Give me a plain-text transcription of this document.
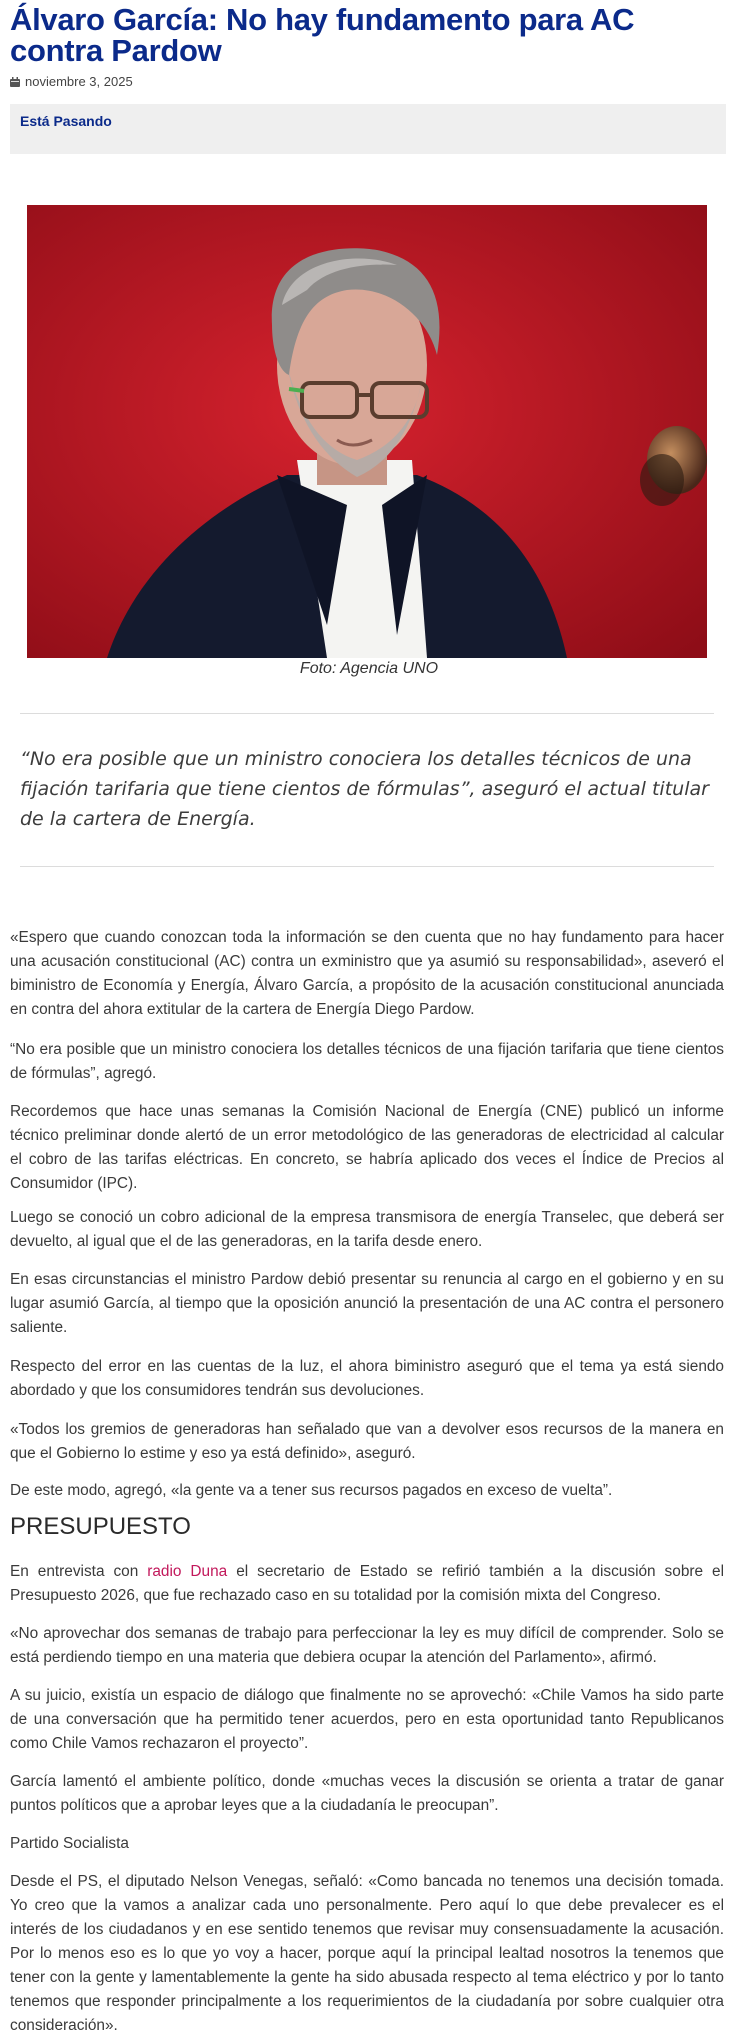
Álvaro García: No hay fundamento para AC contra Pardow
noviembre 3, 2025
Está Pasando
Foto: Agencia UNO
“No era posible que un ministro conociera los detalles técnicos de una fijación tarifaria que tiene cientos de fórmulas”, aseguró el actual titular de la cartera de Energía.

«Espero que cuando conozcan toda la información se den cuenta que no hay fundamento para hacer una acusación constitucional (AC) contra un exministro que ya asumió su responsabilidad», aseveró el biministro de Economía y Energía, Álvaro García, a propósito de la acusación constitucional anunciada en contra del ahora extitular de la cartera de Energía Diego Pardow.

“No era posible que un ministro conociera los detalles técnicos de una fijación tarifaria que tiene cientos de fórmulas”, agregó.

Recordemos que hace unas semanas la Comisión Nacional de Energía (CNE) publicó un informe técnico preliminar donde alertó de un error metodológico de las generadoras de electricidad al calcular el cobro de las tarifas eléctricas. En concreto, se habría aplicado dos veces el Índice de Precios al Consumidor (IPC).

Luego se conoció un cobro adicional de la empresa transmisora de energía Transelec, que deberá ser devuelto, al igual que el de las generadoras, en la tarifa desde enero.

En esas circunstancias el ministro Pardow debió presentar su renuncia al cargo en el gobierno y en su lugar asumió García, al tiempo que la oposición anunció la presentación de una AC contra el personero saliente.

Respecto del error en las cuentas de la luz, el ahora biministro aseguró que el tema ya está siendo abordado y que los consumidores tendrán sus devoluciones.

«Todos los gremios de generadoras han señalado que van a devolver esos recursos de la manera en que el Gobierno lo estime y eso ya está definido», aseguró.

De este modo, agregó, «la gente va a tener sus recursos pagados en exceso de vuelta”.

PRESUPUESTO

En entrevista con radio Duna el secretario de Estado se refirió también a la discusión sobre el Presupuesto 2026, que fue rechazado caso en su totalidad por la comisión mixta del Congreso.

«No aprovechar dos semanas de trabajo para perfeccionar la ley es muy difícil de comprender. Solo se está perdiendo tiempo en una materia que debiera ocupar la atención del Parlamento», afirmó.

A su juicio, existía un espacio de diálogo que finalmente no se aprovechó: «Chile Vamos ha sido parte de una conversación que ha permitido tener acuerdos, pero en esta oportunidad tanto Republicanos como Chile Vamos rechazaron el proyecto”.

García lamentó el ambiente político, donde «muchas veces la discusión se orienta a tratar de ganar puntos políticos que a aprobar leyes que a la ciudadanía le preocupan”.

Partido Socialista

Desde el PS, el diputado Nelson Venegas, señaló: «Como bancada no tenemos una decisión tomada. Yo creo que la vamos a analizar cada uno personalmente. Pero aquí lo que debe prevalecer es el interés de los ciudadanos y en ese sentido tenemos que revisar muy consensuadamente la acusación. Por lo menos eso es lo que yo voy a hacer, porque aquí la principal lealtad nosotros la tenemos que tener con la gente y lamentablemente la gente ha sido abusada respecto al tema eléctrico y por lo tanto tenemos que responder principalmente a los requerimientos de la ciudadanía por sobre cualquier otra consideración».
